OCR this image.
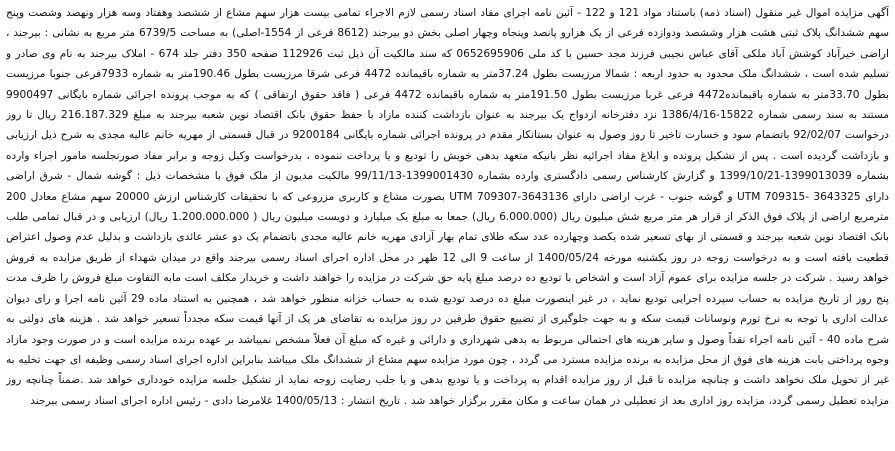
آگهی مزایده اموال غیر منقول (اسناد ذمه) باستناد مواد 121 و 122 - آئین نامه اجرای مفاد اسناد رسمی لازم الاجراء تمامی بیست هزار سهم مشاع از ششصد وهفتاد وسه هزار ونهصد وشصت وپنج سهم ششدانگ پلاک ثبتی هشت هزار وششصد ودوازده فرعی از یک هزارو پانصد وپنجاه وچهار اصلی بخش دو بیرجند (8612 فرعی از 1554-اصلی) به مساحت 6739/5 متر مربع به نشانی : بیرجند ، اراضی خیرآباد کوشش آباد ملکی آقای عباس نجیبی فرزند مجد حسین با کد ملی 0652695906 که سند مالکیت آن ذیل ثبت 112926 صفحه 350 دفتر جلد 674 - املاک بیرجند به نام وی صادر و تسلیم شده است ، ششدانگ ملک محدود به حدود اربعه : شمالا مرزیست بطول 37.24متر به شماره باقیمانده 4472 فرعی شرقا مرزیست بطول 190.46متر به شماره 7933فرعی جنوبا مرزیست بطول 33.70متر به شماره باقیمانده4472 فرعی غربا مرزیست بطول 191.50متر به شماره باقیمانده 4472 فرعی ( فاقد حقوق ارتفاقی ) که به موجب پرونده اجرائی شماره بایگانی 9900497 مستند به سند رسمی شماره 15822-1386/4/16 نزد دفترخانه ازدواج یک بیرجند به عنوان بازداشت کننده مازاد با حفظ حقوق بانک اقتصاد نوین شعبه بیرجند به مبلغ 216.187.329 ریال تا روز درخواست 92/02/07 باتضمام سود و خسارت تاخیر تا روز وصول به عنوان بستانکار مقدم در پرونده اجرائی شماره بایگانی 9200184 در قبال قسمتی از مهریه خانم عالیه مجدی به شرح ذیل ارزیابی و بازداشت گردیده است . پس از تشکیل پرونده و ابلاغ مفاد اجرائیه نظر بانیکه متعهد بدهی خویش را تودیع و یا پرداخت ننموده ، بدرخواست وکیل زوجه و برابر مفاد صورتجلسه مامور اجراء وارده بشماره 1399013039-1399/10/21 و گزارش کارشناس رسمی دادگستری وارده بشماره 1399001430-99/11/13 مالکیت مدیون از ملک فوق با مشخصات ذیل : گوشه شمال - شرق اراضی دارای UTM 709315- 3643325 و گوشه جنوب - غرب اراضی دارای UTM 709307-3643136 بصورت مشاع و کاربری مزروعی که با تحقیقات کارشناس ارزش 20000 سهم مشاع معادل 200 مترمربع اراضی از پلاک فوق الذکر از قرار هر متر مربع شش میلیون ریال (6.000.000 ریال) جمعا به مبلغ یک میلیارد و دویست میلیون ریال ( 1.200.000.000 ریال) ارزیابی و در قبال تمامی طلب بانک اقتصاد نوین شعبه بیرجند و قسمتی از بهای تسعیر شده یکصد وچهارده عدد سکه طلای تمام بهار آزادی مهریه خانم عالیه مجدی باتضمام یک دو عشر عائدی بازداشت و بدلیل عدم وصول اعتراض قطعیت یافته است و به درخواست زوجه در روز یکشنبه مورخه 1400/05/24 از ساعت 9 الی 12 ظهر در محل اداره اجرای اسناد رسمی بیرجند واقع در میدان شهداء از طریق مزایده به فروش خواهد رسید . شرکت در جلسه مزایده برای عموم آزاد است و اشخاص با تودیع ده درصد مبلغ پایه حق شرکت در مزایده را خواهند داشت و خریدار مکلف است مابه التفاوت مبلغ فروش را ظرف مدت پنج روز از تاریخ مزایده به حساب سپرده اجرایی تودیع نماید ، در غیر اینصورت مبلغ ده درصد تودیع شده به حساب خزانه منظور خواهد شد ، همچنین به استناد ماده 29 آئین نامه اجرا و رای دیوان عدالت اداری با توجه به نرخ تورم ونوسانات قیمت سکه و به جهت جلوگیری از تضییع حقوق طرفین در روز مزایده به تقاضای هر یک از آنها قیمت سکه مجدداً تسعیر خواهد شد . هزینه های دولتی به شرح ماده 40 - آئین نامه اجراء نقداً وصول و سایر هزینه های احتمالی مربوط به بدهی شهرداری و دارائی و غیره که مبلغ آن فعلاً مشخص نمیباشد بر عهده برنده مزایده است و در صورت وجود مازاد وجوه پرداختی بابت هزینه های فوق از محل مزایده به برنده مزایده مسترد می گردد ، چون مورد مزایده سهم مشاع از ششدانگ ملک میباشد بنابراین اداره اجرای اسناد رسمی وظیفه ای جهت تخلیه به غیر از تحویل ملک نخواهد داشت و چنانچه مزایده تا قبل از روز مزایده اقدام به پرداخت و یا تودیع بدهی و یا جلب رضایت زوجه نماید از تشکیل جلسه مزایده خودداری خواهد شد .ضمناً چنانچه روز مزایده تعطیل رسمی گردد، مزایده روز اداری بعد از تعطیلی در همان ساعت و مکان مقرر برگزار خواهد شد . تاریخ انتشار : 1400/05/13 غلامرضا دادی - رئیس اداره اجرای اسناد رسمی بیرجند
